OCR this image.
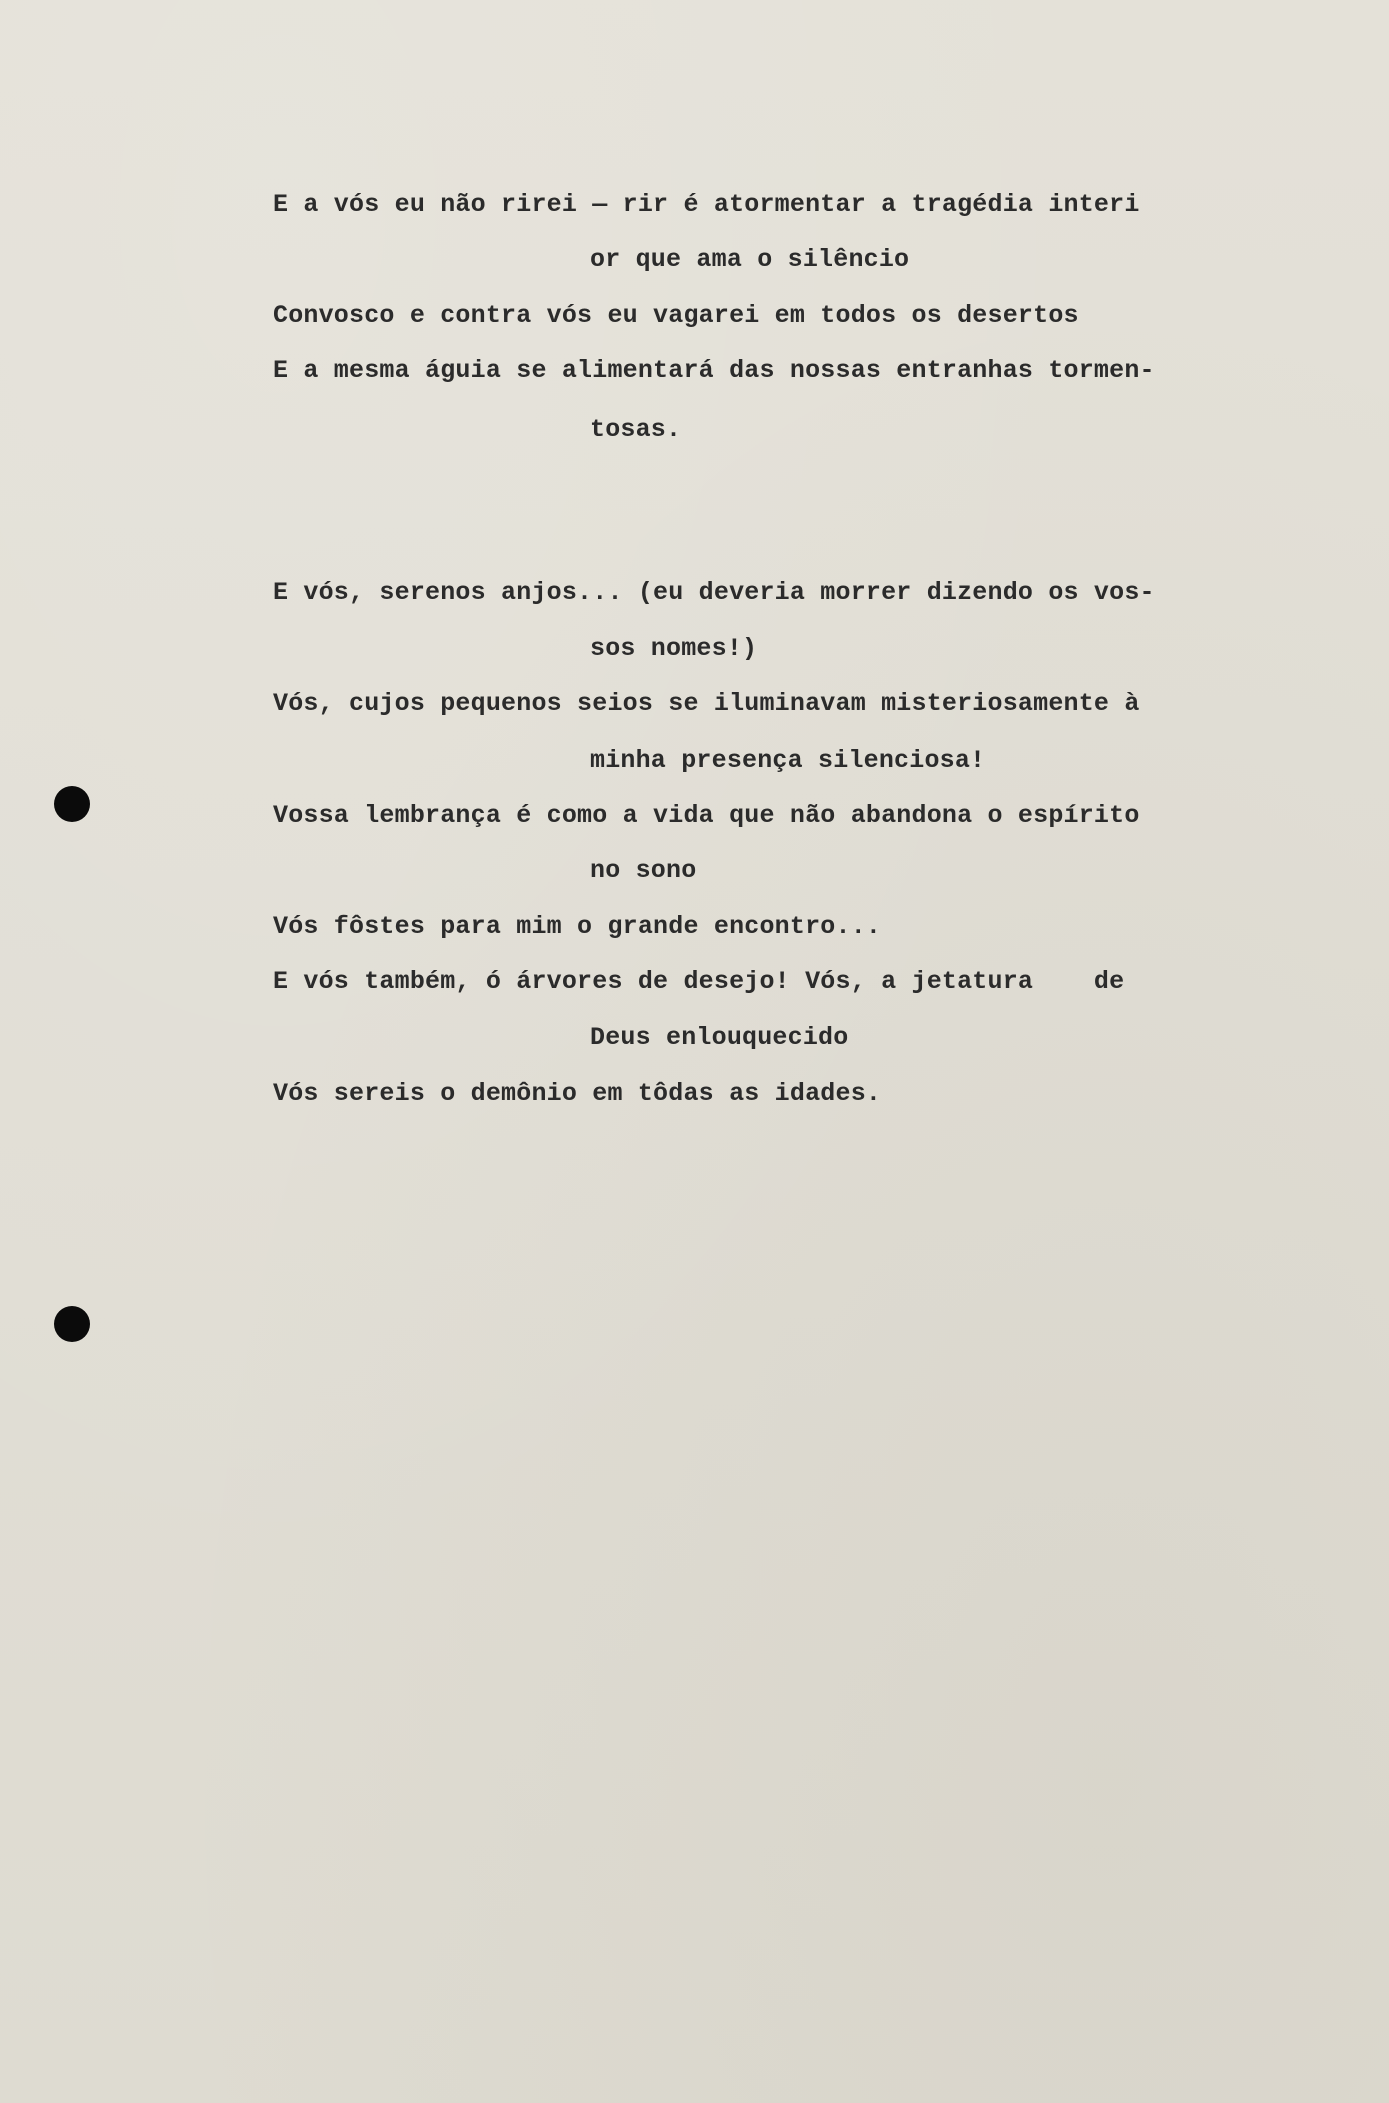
E a vós eu não rirei — rir é atormentar a tragédia interi
or que ama o silêncio
Convosco e contra vós eu vagarei em todos os desertos
E a mesma águia se alimentará das nossas entranhas tormen-
tosas.
E vós, serenos anjos... (eu deveria morrer dizendo os vos-
sos nomes!)
Vós, cujos pequenos seios se iluminavam misteriosamente à
minha presença silenciosa!
Vossa lembrança é como a vida que não abandona o espírito
no sono
Vós fôstes para mim o grande encontro...
E vós também, ó árvores de desejo! Vós, a jetatura    de
Deus enlouquecido
Vós sereis o demônio em tôdas as idades.
